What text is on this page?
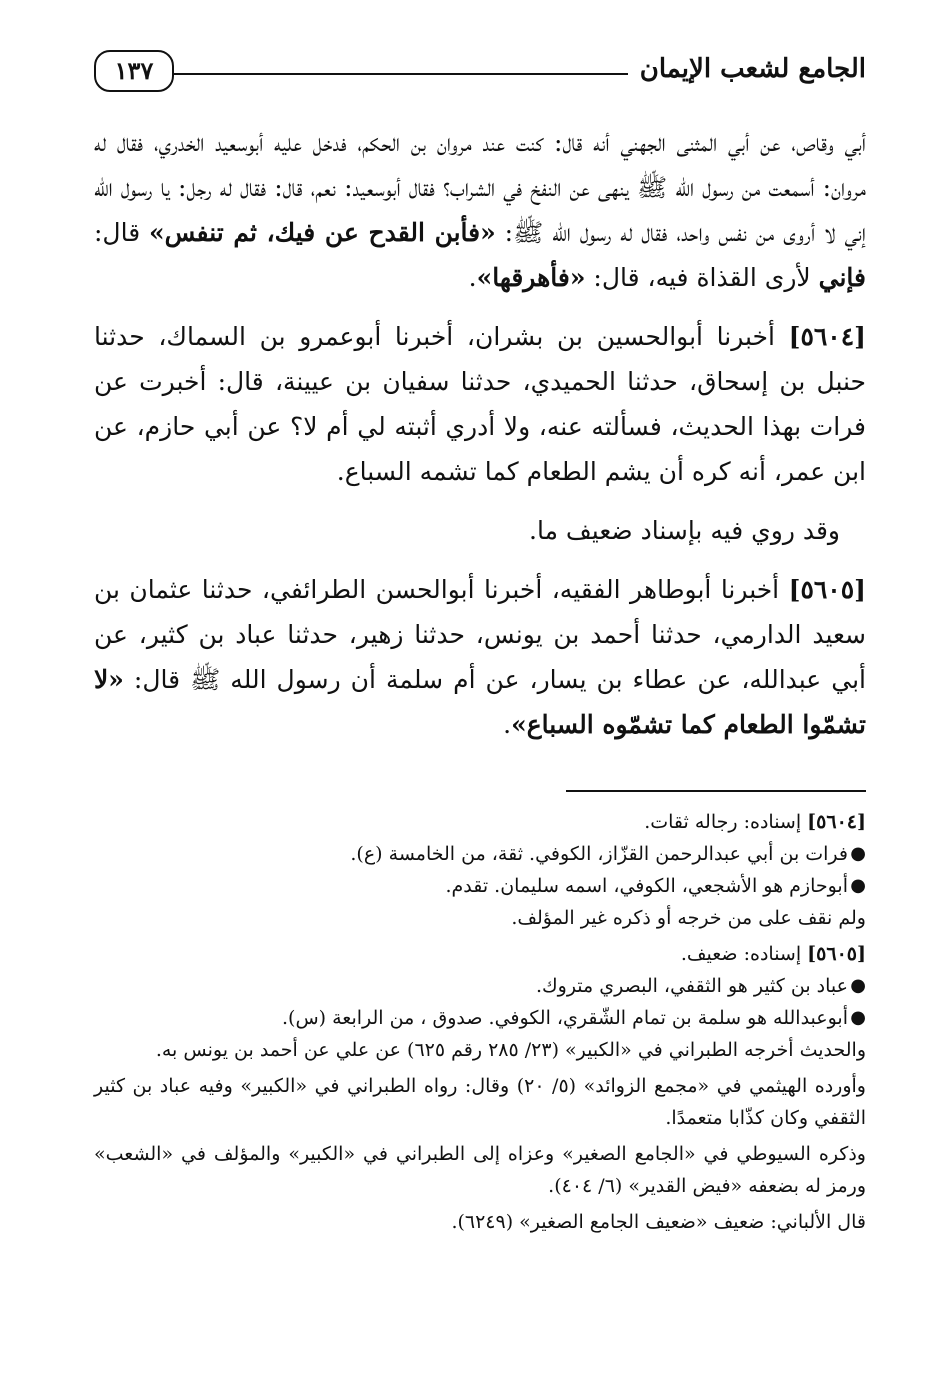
الجامع لشعب الإيمان
١٣٧

أبي وقاص، عن أبي المثنى الجهني أنه قال: كنت عند مروان بن الحكم، فدخل عليه أبوسعيد الخدري، فقال له مروان: أسمعت من رسول الله ﷺ ينهى عن النفخ في الشراب؟ فقال أبوسعيد: نعم، قال: فقال له رجل: يا رسول الله إني لا أروى من نفس واحد، فقال له رسول الله ﷺ: «فأبن القدح عن فيك، ثم تنفس» قال: فإني لأرى القذاة فيه، قال: «فأهرقها».

[٥٦٠٤] أخبرنا أبوالحسين بن بشران، أخبرنا أبوعمرو بن السماك، حدثنا حنبل بن إسحاق، حدثنا الحميدي، حدثنا سفيان بن عيينة، قال: أخبرت عن فرات بهذا الحديث، فسألته عنه، ولا أدري أثبته لي أم لا؟ عن أبي حازم، عن ابن عمر، أنه كره أن يشم الطعام كما تشمه السباع.

وقد روي فيه بإسناد ضعيف ما.

[٥٦٠٥] أخبرنا أبوطاهر الفقيه، أخبرنا أبوالحسن الطرائفي، حدثنا عثمان بن سعيد الدارمي، حدثنا أحمد بن يونس، حدثنا زهير، حدثنا عباد بن كثير، عن أبي عبدالله، عن عطاء بن يسار، عن أم سلمة أن رسول الله ﷺ قال: «لا تشمّوا الطعام كما تشمّوه السباع».

[٥٦٠٤] إسناده: رجاله ثقات.

●
فرات بن أبي عبدالرحمن القزّاز، الكوفي. ثقة، من الخامسة (ع).

●
أبوحازم هو الأشجعي، الكوفي، اسمه سليمان. تقدم.

ولم نقف على من خرجه أو ذكره غير المؤلف.

[٥٦٠٥] إسناده: ضعيف.

●
عباد بن كثير هو الثقفي، البصري متروك.

●
أبوعبدالله هو سلمة بن تمام الشّقري، الكوفي. صدوق ، من الرابعة (س).

والحديث أخرجه الطبراني في «الكبير» (٢٣/ ٢٨٥ رقم ٦٢٥) عن علي عن أحمد بن يونس به.

وأورده الهيثمي في «مجمع الزوائد» (٥/ ٢٠) وقال: رواه الطبراني في «الكبير» وفيه عباد بن كثير الثقفي وكان كذّابا متعمدًا.

وذكره السيوطي في «الجامع الصغير» وعزاه إلى الطبراني في «الكبير» والمؤلف في «الشعب» ورمز له بضعفه «فيض القدير» (٦/ ٤٠٤).

قال الألباني: ضعيف «ضعيف الجامع الصغير» (٦٢٤٩).
